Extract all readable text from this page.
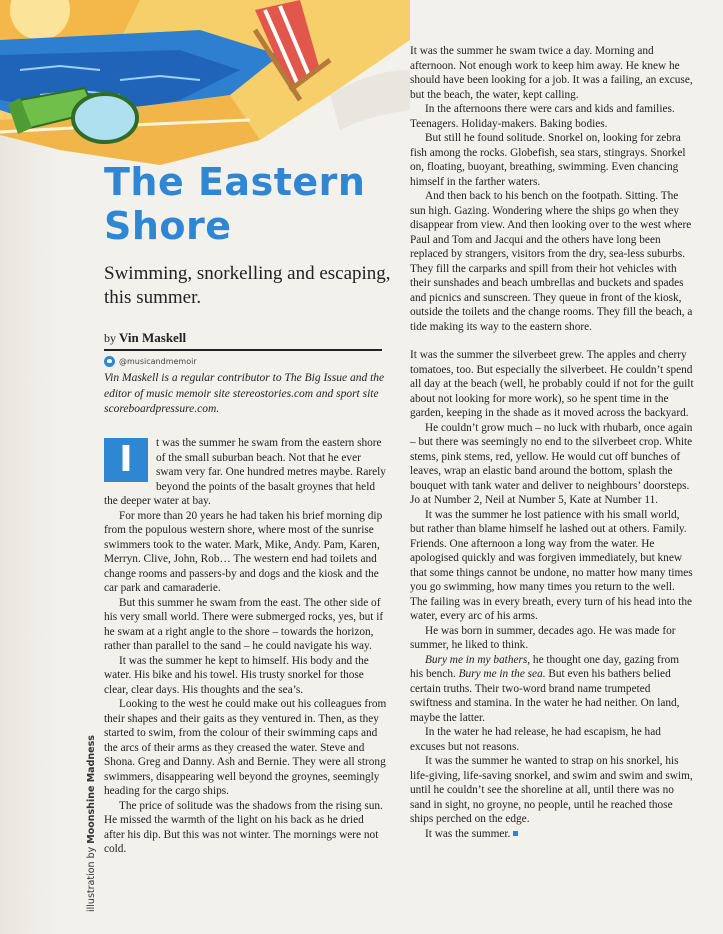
The Eastern Shore

Swimming, snorkelling and escaping, this summer.

by Vin Maskell
@musicandmemoir

Vin Maskell is a regular contributor to The Big Issue and the editor of music memoir site stereostories.com and sport site scoreboardpressure.com.

I	t was the summer he swam from the eastern shore of the small suburban beach. Not that he ever swam very far. One hundred metres maybe. Rarely beyond the points of the basalt groynes that held the deeper water at bay.

For more than 20 years he had taken his brief morning dip from the populous western shore, where most of the sunrise swimmers took to the water. Mark, Mike, Andy. Pam, Karen, Merryn. Clive, John, Rob… The western end had toilets and change rooms and passers-by and dogs and the kiosk and the car park and camaraderie.

But this summer he swam from the east. The other side of his very small world. There were submerged rocks, yes, but if he swam at a right angle to the shore – towards the horizon, rather than parallel to the sand – he could navigate his way.

It was the summer he kept to himself. His body and the water. His bike and his towel. His trusty snorkel for those clear, clear days. His thoughts and the sea’s.

Looking to the west he could make out his colleagues from their shapes and their gaits as they ventured in. Then, as they started to swim, from the colour of their swimming caps and the arcs of their arms as they creased the water. Steve and Shona. Greg and Danny. Ash and Bernie. They were all strong swimmers, disappearing well beyond the groynes, seemingly heading for the cargo ships.

The price of solitude was the shadows from the rising sun. He missed the warmth of the light on his back as he dried after his dip. But this was not winter. The mornings were not cold.

It was the summer he swam twice a day. Morning and afternoon. Not enough work to keep him away. He knew he should have been looking for a job. It was a failing, an excuse, but the beach, the water, kept calling.

In the afternoons there were cars and kids and families. Teenagers. Holiday-makers. Baking bodies.

But still he found solitude. Snorkel on, looking for zebra fish among the rocks. Globefish, sea stars, stingrays. Snorkel on, floating, buoyant, breathing, swimming. Even chancing himself in the farther waters.

And then back to his bench on the footpath. Sitting. The sun high. Gazing. Wondering where the ships go when they disappear from view. And then looking over to the west where Paul and Tom and Jacqui and the others have long been replaced by strangers, visitors from the dry, sea-less suburbs. They fill the carparks and spill from their hot vehicles with their sunshades and beach umbrellas and buckets and spades and picnics and sunscreen. They queue in front of the kiosk, outside the toilets and the change rooms. They fill the beach, a tide making its way to the eastern shore.

It was the summer the silverbeet grew. The apples and cherry tomatoes, too. But especially the silverbeet. He couldn’t spend all day at the beach (well, he probably could if not for the guilt about not looking for more work), so he spent time in the garden, keeping in the shade as it moved across the backyard.

He couldn’t grow much – no luck with rhubarb, once again – but there was seemingly no end to the silverbeet crop. White stems, pink stems, red, yellow. He would cut off bunches of leaves, wrap an elastic band around the bottom, splash the bouquet with tank water and deliver to neighbours’ doorsteps. Jo at Number 2, Neil at Number 5, Kate at Number 11.

It was the summer he lost patience with his small world, but rather than blame himself he lashed out at others. Family. Friends. One afternoon a long way from the water. He apologised quickly and was forgiven immediately, but knew that some things cannot be undone, no matter how many times you go swimming, how many times you return to the well. The failing was in every breath, every turn of his head into the water, every arc of his arms.

He was born in summer, decades ago. He was made for summer, he liked to think.

Bury me in my bathers, he thought one day, gazing from his bench. Bury me in the sea. But even his bathers belied certain truths. Their two-word brand name trumpeted swiftness and stamina. In the water he had neither. On land, maybe the latter.

In the water he had release, he had escapism, he had excuses but not reasons.

It was the summer he wanted to strap on his snorkel, his life-giving, life-saving snorkel, and swim and swim and swim, until he couldn’t see the shoreline at all, until there was no sand in sight, no groyne, no people, until he reached those ships perched on the edge.

It was the summer.

illustration by Moonshine Madness
